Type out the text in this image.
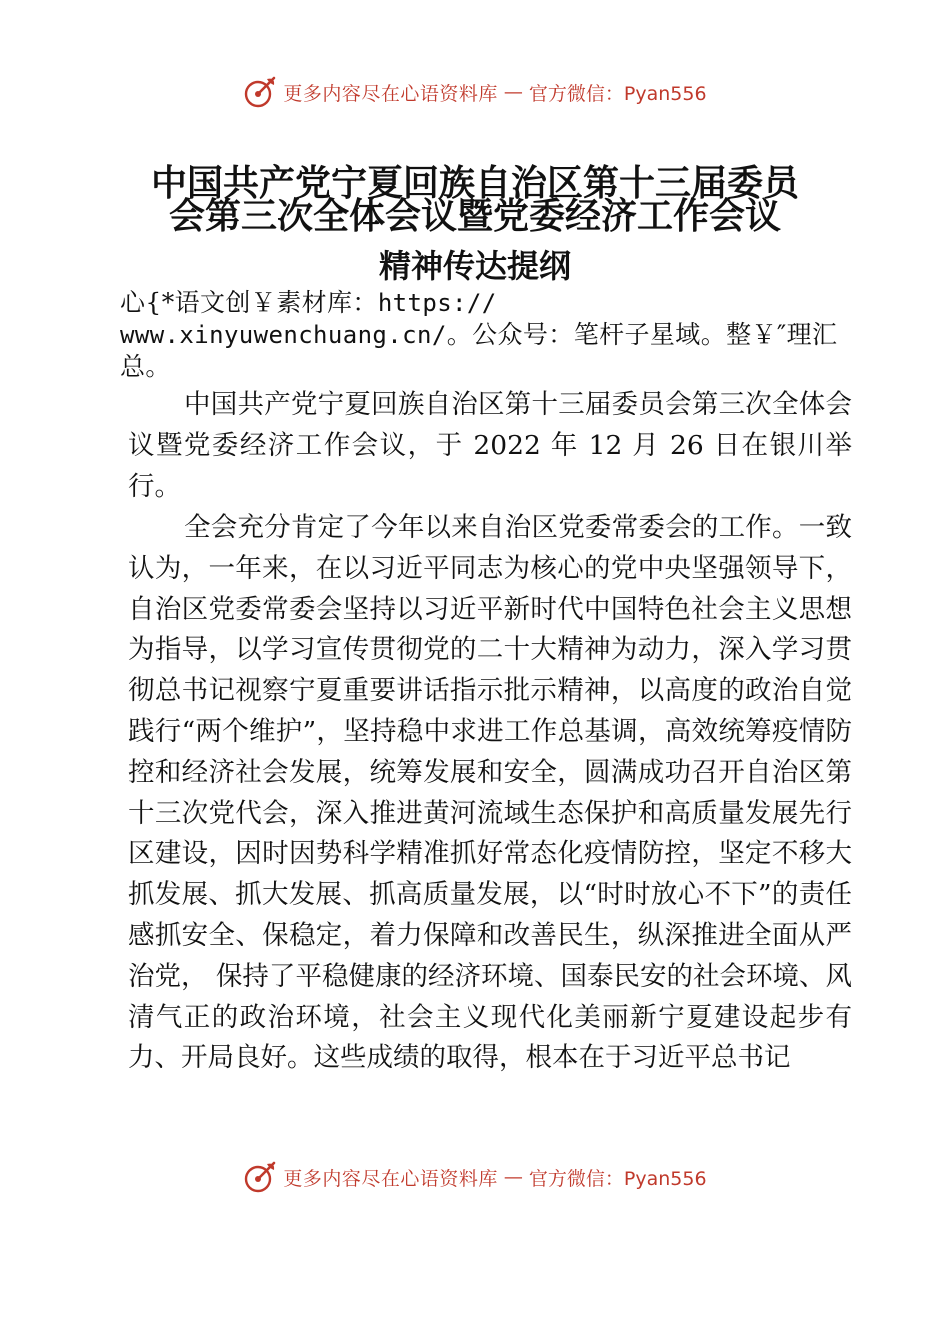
更多内容尽在心语资料库 — 官方微信：Pyan556
中国共产党宁夏回族自治区第十三届委员
会第三次全体会议暨党委经济工作会议
精神传达提纲
心{*语文创￥素材库：https://
www.xinyuwenchuang.cn/。公众号：笔杆子星域。整￥″理汇总。

中国共产党宁夏回族自治区第十三届委员会第三次全体会议暨党委经济工作会议，于 2022 年 12 月 26 日在银川举行。

全会充分肯定了今年以来自治区党委常委会的工作。一致认为，一年来，在以习近平同志为核心的党中央坚强领导下，自治区党委常委会坚持以习近平新时代中国特色社会主义思想为指导，以学习宣传贯彻党的二十大精神为动力，深入学习贯彻总书记视察宁夏重要讲话指示批示精神，以高度的政治自觉践行“两个维护”，坚持稳中求进工作总基调，高效统筹疫情防控和经济社会发展，统筹发展和安全，圆满成功召开自治区第十三次党代会，深入推进黄河流域生态保护和高质量发展先行区建设，因时因势科学精准抓好常态化疫情防控，坚定不移大抓发展、抓大发展、抓高质量发展，以“时时放心不下”的责任感抓安全、保稳定，着力保障和改善民生，纵深推进全面从严治党， 保持了平稳健康的经济环境、国泰民安的社会环境、风清气正的政治环境，社会主义现代化美丽新宁夏建设起步有力、开局良好。这些成绩的取得，根本在于习近平总书记

更多内容尽在心语资料库 — 官方微信：Pyan556
